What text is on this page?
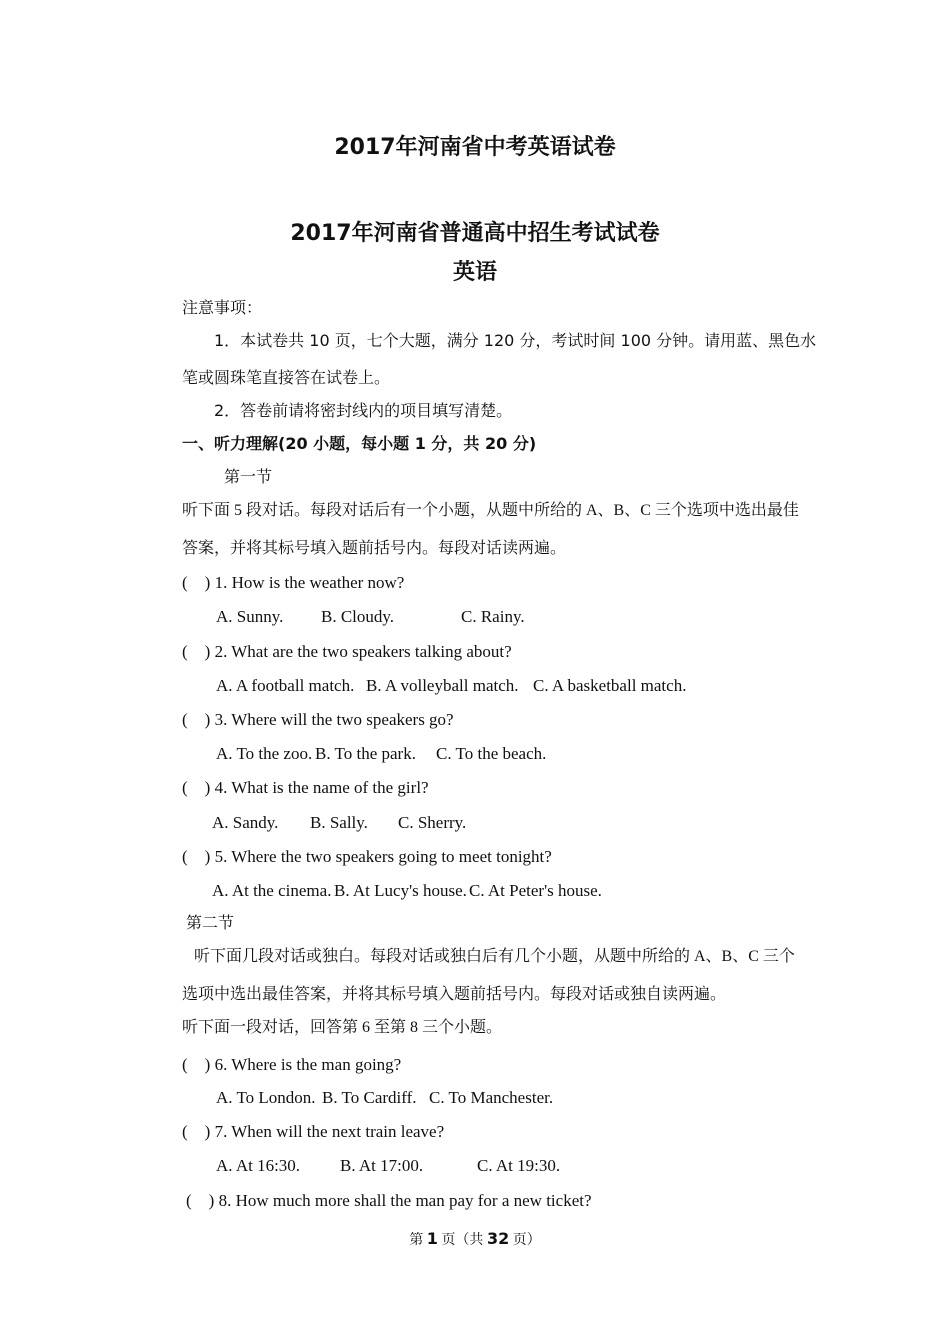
2017年河南省中考英语试卷
2017年河南省普通高中招生考试试卷
英语
注意事项：
1．本试卷共 10 页，七个大题，满分 120 分，考试时间 100 分钟。请用蓝、黑色水
笔或圆珠笔直接答在试卷上。
2．答卷前请将密封线内的项目填写清楚。
一、听力理解(20 小题，每小题 1 分，共 20 分)
第一节
听下面 5 段对话。每段对话后有一个小题，从题中所给的 A、B、C 三个选项中选出最佳
答案，并将其标号填入题前括号内。每段对话读两遍。
(    ) 1. How is the weather now?
A. Sunny. B. Cloudy.	C. Rainy.
(    ) 2. What are the two speakers talking about?
A. A football match. B. A volleyball match. C. A basketball match.
(    ) 3. Where will the two speakers go?
A. To the zoo. B. To the park. C. To the beach.
(    ) 4. What is the name of the girl?
A. Sandy. B. Sally. C. Sherry.
(    ) 5. Where the two speakers going to meet tonight?
A. At the cinema. B. At Lucy's house. C. At Peter's house.
第二节
听下面几段对话或独白。每段对话或独白后有几个小题，从题中所给的 A、B、C 三个
选项中选出最佳答案，并将其标号填入题前括号内。每段对话或独自读两遍。
听下面一段对话，回答第 6 至第 8 三个小题。
(    ) 6. Where is the man going?
A. To London. B. To Cardiff. C. To Manchester.
(    ) 7. When will the next train leave?
A. At 16:30. B. At 17:00.	C. At 19:30.
(    ) 8. How much more shall the man pay for a new ticket?
第 1 页（共 32 页）
